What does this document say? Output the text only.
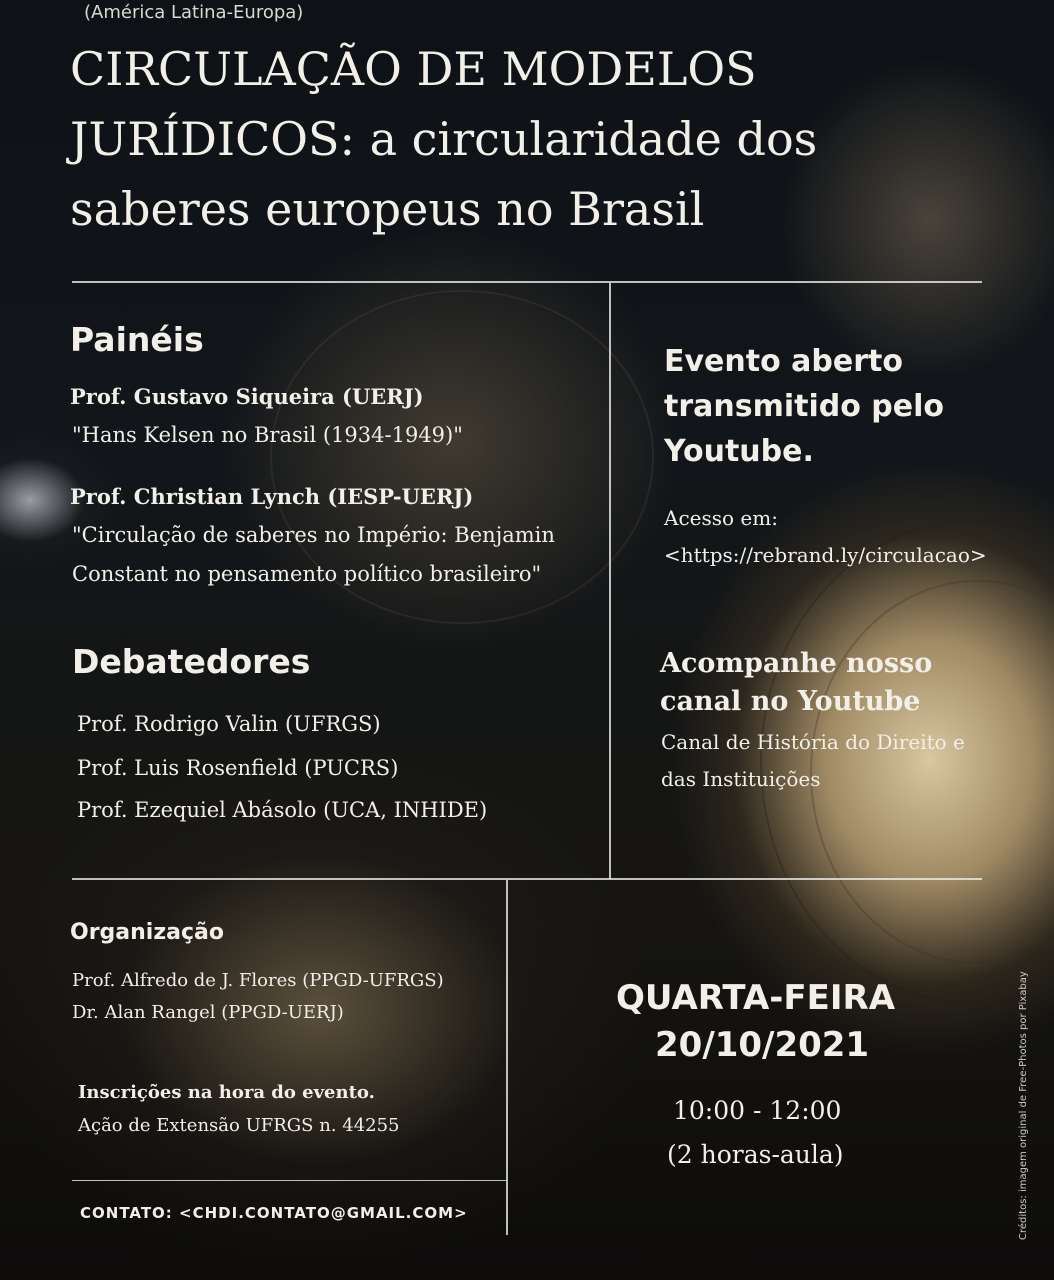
(América Latina-Europa)

CIRCULAÇÃO DE MODELOS
JURÍDICOS: a circularidade dos
saberes europeus no Brasil
Painéis

Prof. Gustavo Siqueira (UERJ)

"Hans Kelsen no Brasil (1934-1949)"

Prof. Christian Lynch (IESP-UERJ)

"Circulação de saberes no Império: Benjamin

Constant no pensamento político brasileiro"

Debatedores

Prof. Rodrigo Valin (UFRGS)

Prof. Luis Rosenfield (PUCRS)

Prof. Ezequiel Abásolo (UCA, INHIDE)

Evento aberto
transmitido pelo
Youtube.

Acesso em:

<https://rebrand.ly/circulacao>

Acompanhe nosso
canal no Youtube

Canal de História do Direito e

das Instituições

Organização

Prof. Alfredo de J. Flores (PPGD-UFRGS)

Dr. Alan Rangel (PPGD-UERJ)

Inscrições na hora do evento.

Ação de Extensão UFRGS n. 44255

CONTATO: <CHDI.CONTATO@GMAIL.COM>

QUARTA-FEIRA
20/10/2021

10:00 - 12:00

(2 horas-aula)	Créditos: imagem original de Free-Photos por Pixabay
